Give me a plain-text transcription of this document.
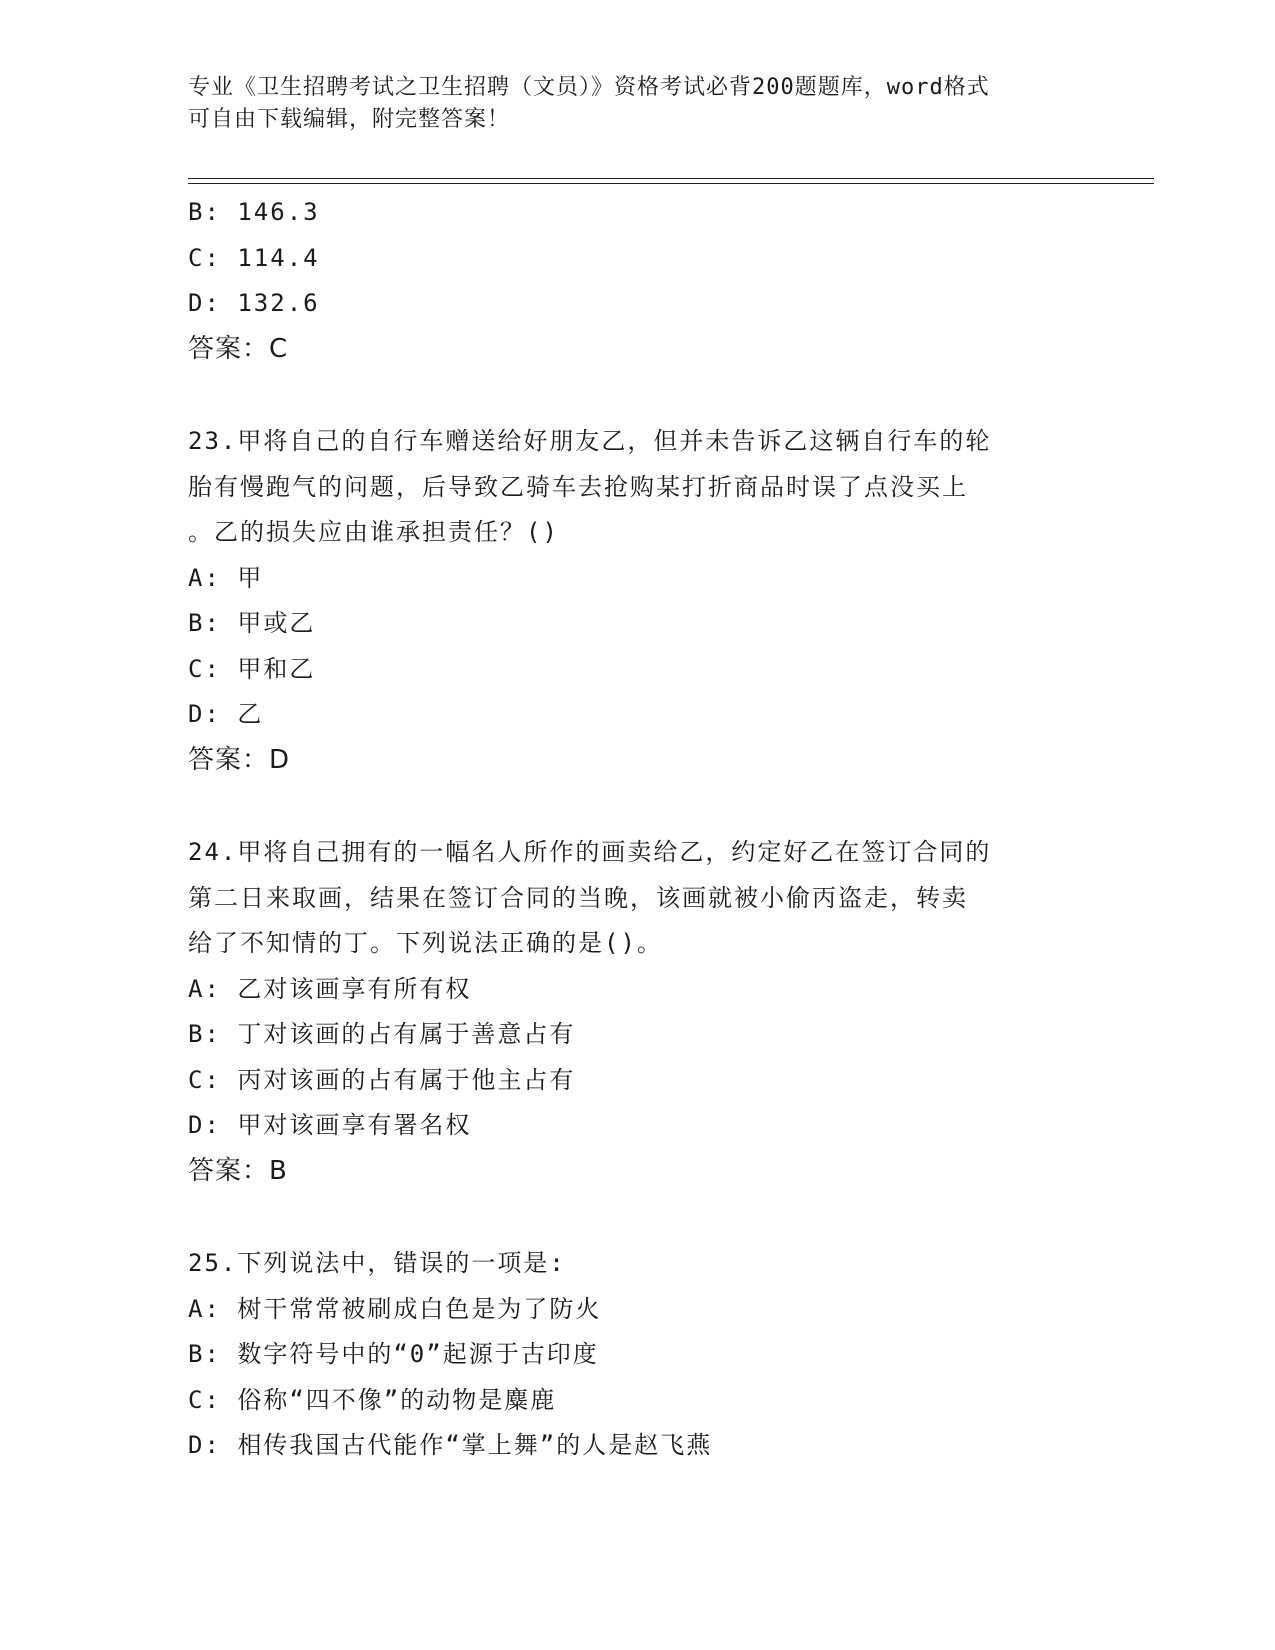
专业《卫生招聘考试之卫生招聘（文员）》资格考试必背200题题库，word格式
可自由下载编辑，附完整答案！
B: 146.3
C: 114.4
D: 132.6
答案：C
23.甲将自己的自行车赠送给好朋友乙，但并未告诉乙这辆自行车的轮
胎有慢跑气的问题，后导致乙骑车去抢购某打折商品时误了点没买上
。乙的损失应由谁承担责任？()
A: 甲
B: 甲或乙
C: 甲和乙
D: 乙
答案：D
24.甲将自己拥有的一幅名人所作的画卖给乙，约定好乙在签订合同的
第二日来取画，结果在签订合同的当晚，该画就被小偷丙盗走，转卖
给了不知情的丁。下列说法正确的是()。
A: 乙对该画享有所有权
B: 丁对该画的占有属于善意占有
C: 丙对该画的占有属于他主占有
D: 甲对该画享有署名权
答案：B
25.下列说法中，错误的一项是:
A: 树干常常被刷成白色是为了防火
B: 数字符号中的“0”起源于古印度
C: 俗称“四不像”的动物是麋鹿
D: 相传我国古代能作“掌上舞”的人是赵飞燕
